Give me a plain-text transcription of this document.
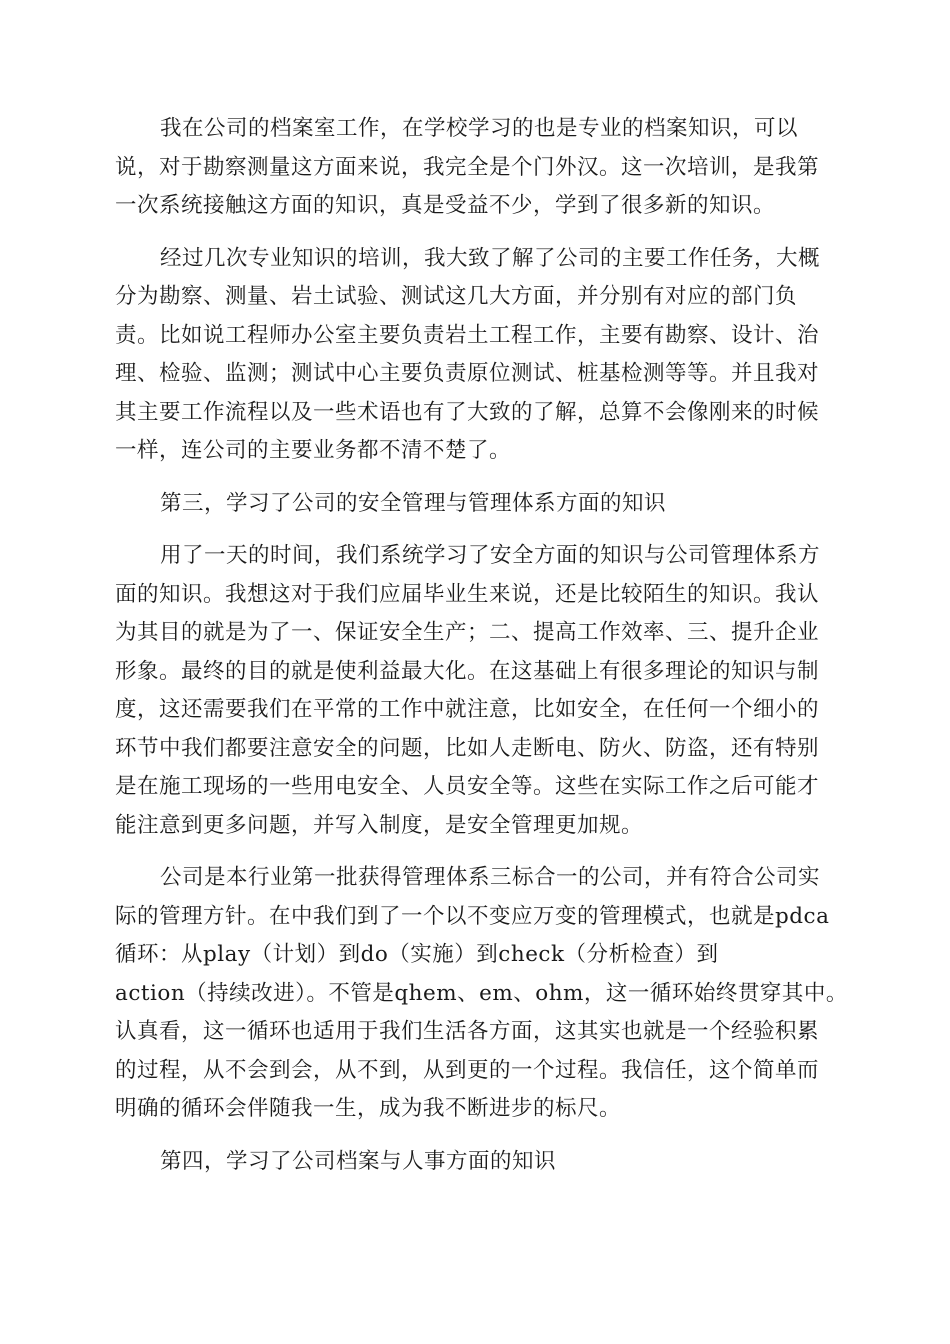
我在公司的档案室工作，在学校学习的也是专业的档案知识，可以
说，对于勘察测量这方面来说，我完全是个门外汉。这一次培训，是我第
一次系统接触这方面的知识，真是受益不少，学到了很多新的知识。

经过几次专业知识的培训，我大致了解了公司的主要工作任务，大概
分为勘察、测量、岩土试验、测试这几大方面，并分别有对应的部门负
责。比如说工程师办公室主要负责岩土工程工作，主要有勘察、设计、治
理、检验、监测；测试中心主要负责原位测试、桩基检测等等。并且我对
其主要工作流程以及一些术语也有了大致的了解，总算不会像刚来的时候
一样，连公司的主要业务都不清不楚了。

第三，学习了公司的安全管理与管理体系方面的知识

用了一天的时间，我们系统学习了安全方面的知识与公司管理体系方
面的知识。我想这对于我们应届毕业生来说，还是比较陌生的知识。我认
为其目的就是为了一、保证安全生产；二、提高工作效率、三、提升企业
形象。最终的目的就是使利益最大化。在这基础上有很多理论的知识与制
度，这还需要我们在平常的工作中就注意，比如安全，在任何一个细小的
环节中我们都要注意安全的问题，比如人走断电、防火、防盗，还有特别
是在施工现场的一些用电安全、人员安全等。这些在实际工作之后可能才
能注意到更多问题，并写入制度，是安全管理更加规。

公司是本行业第一批获得管理体系三标合一的公司，并有符合公司实
际的管理方针。在中我们到了一个以不变应万变的管理模式，也就是pdca
循环：从play（计划）到do（实施）到check（分析检查）到
action（持续改进）。不管是qhem、em、ohm，这一循环始终贯穿其中。
认真看，这一循环也适用于我们生活各方面，这其实也就是一个经验积累
的过程，从不会到会，从不到，从到更的一个过程。我信任，这个简单而
明确的循环会伴随我一生，成为我不断进步的标尺。

第四，学习了公司档案与人事方面的知识
